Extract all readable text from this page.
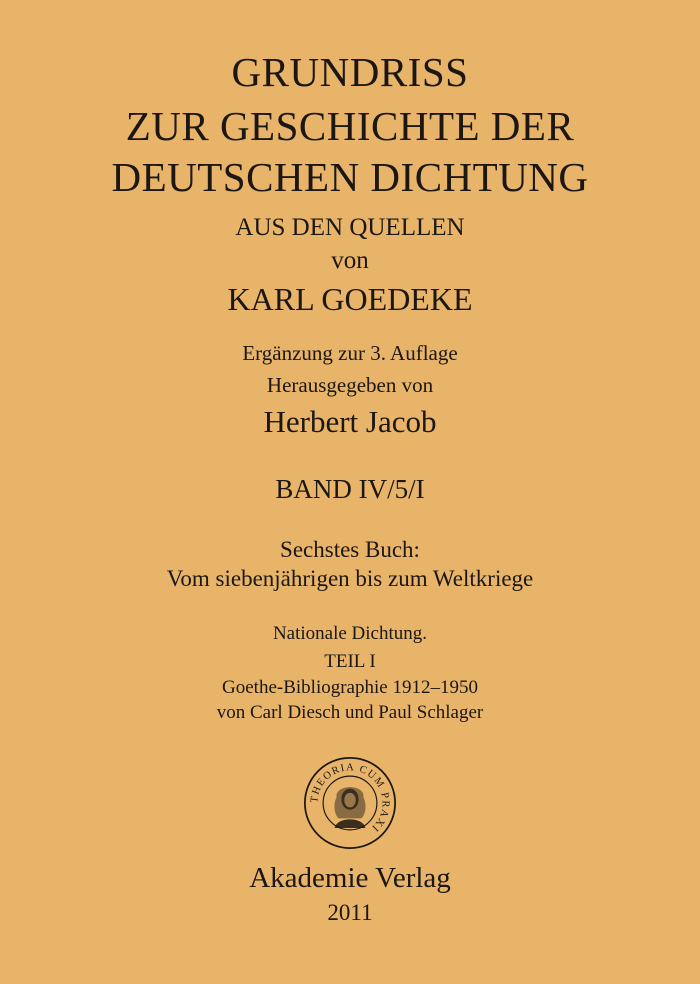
GRUNDRISS
ZUR GESCHICHTE DER
DEUTSCHEN DICHTUNG
AUS DEN QUELLEN
von
KARL GOEDEKE
Ergänzung zur 3. Auflage
Herausgegeben von
Herbert Jacob
BAND IV/5/I
Sechstes Buch:
Vom siebenjährigen bis zum Weltkriege
Nationale Dichtung.
TEIL I
Goethe-Bibliographie 1912–1950
von Carl Diesch und Paul Schlager
THEORIA CUM PRAXI
Akademie Verlag
2011
